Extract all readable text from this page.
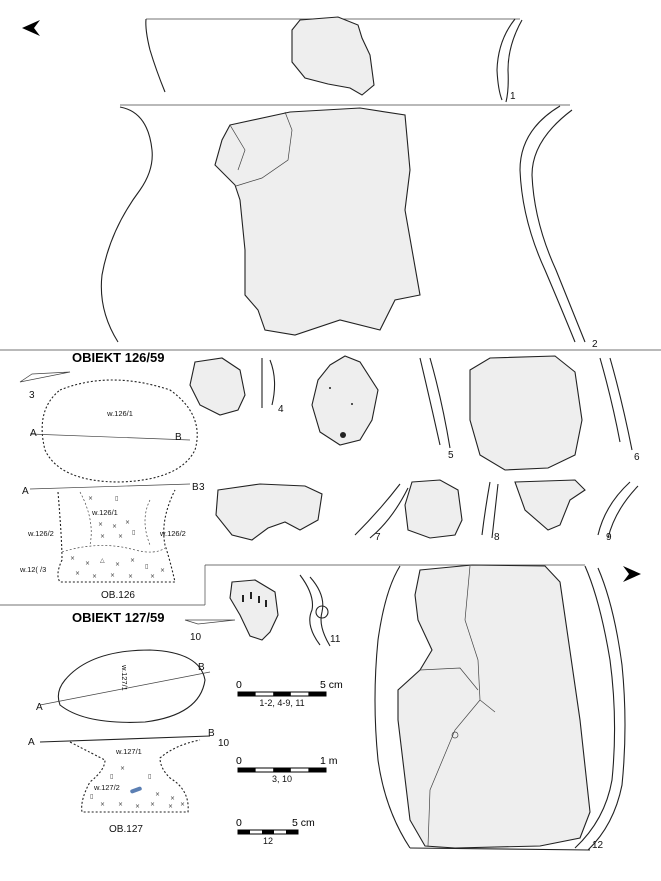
OBIEKT 126/59
w.126/1
A	B
A	B
w.126/1
w.126/2	w.126/2
w.12( /3
×	▯
× ×
×
× ×
▯
×
× △
×
×
▯
× × × ×	×
×
OB.126
OBIEKT 127/59
w.127/1
A
B
A
B
w.127/1
w.127/2
×
▯	▯
▯	×
×
× × × × × ×
OB.127
0	5 cm
1-2, 4-9, 11
0	1 m
3, 10
0	5 cm
12
1
2
3
4
5	6
7	8	9
10	11
12
3
10
